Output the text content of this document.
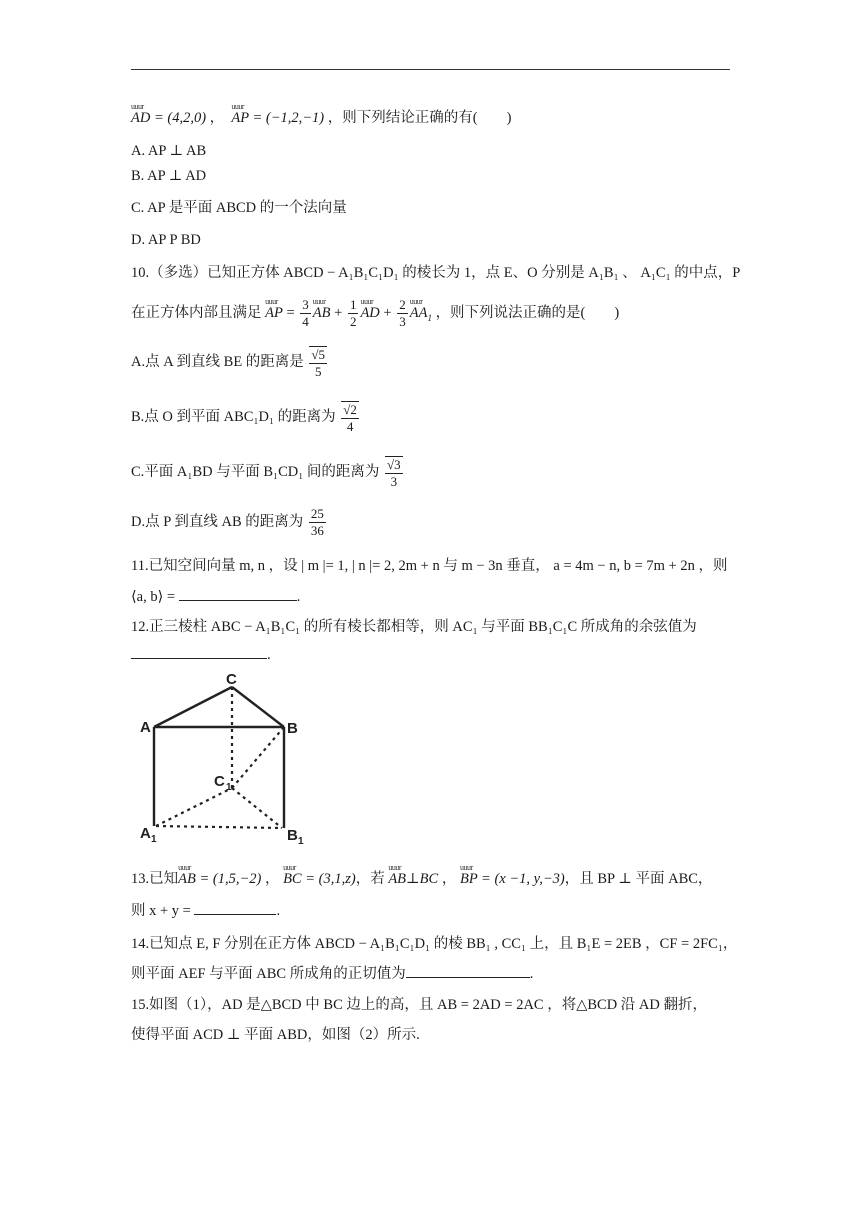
uuur AD = (4,2,0) ，  uuur AP = (−1,2,−1) ，则下列结论正确的有(　　)
A. AP ⊥ AB
B. AP ⊥ AD
C. AP 是平面 ABCD 的一个法向量
D. AP P BD
10.（多选）已知正方体 ABCD − A₁B₁C₁D₁ 的棱长为 1，点 E、O 分别是 A₁B₁ 、 A₁C₁ 的中点，P
在正方体内部且满足 uuur AP = $\frac{3}{4}$ uuur AB + $\frac{1}{2}$ uuur AD + $\frac{2}{3}$ uuur $AA_1$ ，则下列说法正确的是(　　)
A.点 A 到直线 BE 的距离是 $\frac{√5}{5}$
B.点 O 到平面 ABC₁D₁ 的距离为 $\frac{√2}{4}$
C.平面 A₁BD 与平面 B₁CD₁ 间的距离为 $\frac{√3}{3}$
D.点 P 到直线 AB 的距离为 $\frac{25}{36}$
11.已知空间向量 m, n ，设 | m |= 1, | n |= 2, 2m + n 与 m − 3n 垂直， a = 4m − n, b = 7m + 2n ，则
⟨a, b⟩ =	.
12.正三棱柱 ABC − A₁B₁C₁ 的所有棱长都相等，则 AC₁ 与平面 BB₁C₁C 所成角的余弦值为
.
C
A	B
C 1
A 1	B 1
13.已知uuur AB = (1,5,−2) ， uuur BC = (3,1,z)，若 uuur AB⊥BC ， uuur BP = (x −1, y,−3)，且 BP ⊥ 平面 ABC，
则 x + y =	.
14.已知点 E, F 分别在正方体 ABCD − A₁B₁C₁D₁ 的棱 BB₁ , CC₁ 上，且 B₁E = 2EB ，CF = 2FC₁，
则平面 AEF 与平面 ABC 所成角的正切值为	.
15.如图（1），AD 是△BCD 中 BC 边上的高，且 AB = 2AD = 2AC ，将△BCD 沿 AD 翻折，
使得平面 ACD ⊥ 平面 ABD，如图（2）所示.
